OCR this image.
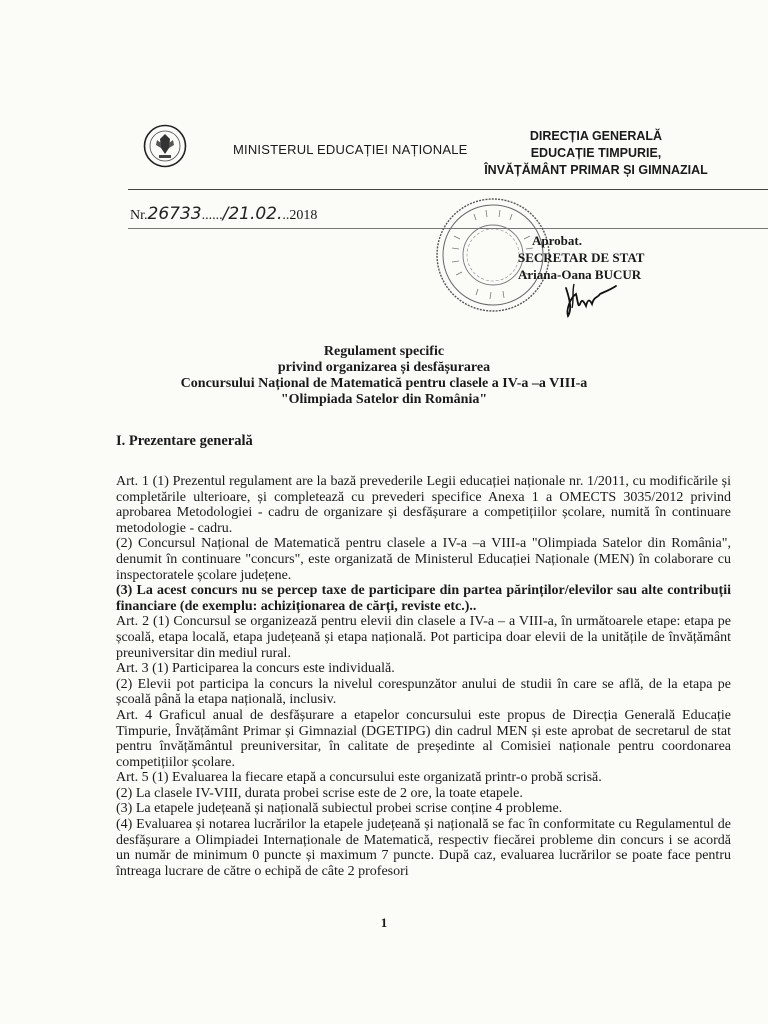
MINISTERUL EDUCAȚIEI NAȚIONALE
DIRECȚIA GENERALĂ
EDUCAȚIE TIMPURIE,
ÎNVĂȚĂMÂNT PRIMAR ȘI GIMNAZIAL
Nr.26733....../21.02...2018
Aprobat.
SECRETAR DE STAT
Ariana-Oana BUCUR
Regulament specific
privind organizarea și desfășurarea
Concursului Național de Matematică pentru clasele a IV-a –a VIII-a
"Olimpiada Satelor din România"
I. Prezentare generală

Art. 1 (1) Prezentul regulament are la bază prevederile Legii educației naționale nr. 1/2011, cu modificările și completările ulterioare, și completează cu prevederi specifice Anexa 1 a OMECTS 3035/2012 privind aprobarea Metodologiei - cadru de organizare și desfășurare a competițiilor școlare, numită în continuare metodologie - cadru.

(2) Concursul Național de Matematică pentru clasele a IV-a –a VIII-a "Olimpiada Satelor din România", denumit în continuare "concurs", este organizată de Ministerul Educației Naționale (MEN) în colaborare cu inspectoratele școlare județene.

(3) La acest concurs nu se percep taxe de participare din partea părinților/elevilor sau alte contribuții financiare (de exemplu: achiziționarea de cărți, reviste etc.)..

Art. 2 (1) Concursul se organizează pentru elevii din clasele a IV-a – a VIII-a, în următoarele etape: etapa pe școală, etapa locală, etapa județeană și etapa națională. Pot participa doar elevii de la unitățile de învățământ preuniversitar din mediul rural.

Art. 3 (1) Participarea la concurs este individuală.

(2) Elevii pot participa la concurs la nivelul corespunzător anului de studii în care se află, de la etapa pe școală până la etapa națională, inclusiv.

Art. 4 Graficul anual de desfășurare a etapelor concursului este propus de Direcția Generală Educație Timpurie, Învățământ Primar și Gimnazial (DGETIPG) din cadrul MEN și este aprobat de secretarul de stat pentru învățământul preuniversitar, în calitate de președinte al Comisiei naționale pentru coordonarea competițiilor școlare.

Art. 5 (1) Evaluarea la fiecare etapă a concursului este organizată printr-o probă scrisă.

(2) La clasele IV-VIII, durata probei scrise este de 2 ore, la toate etapele.

(3) La etapele județeană și națională subiectul probei scrise conține 4 probleme.

(4) Evaluarea și notarea lucrărilor la etapele județeană și națională se fac în conformitate cu Regulamentul de desfășurare a Olimpiadei Internaționale de Matematică, respectiv fiecărei probleme din concurs i se acordă un număr de minimum 0 puncte și maximum 7 puncte. După caz, evaluarea lucrărilor se poate face pentru întreaga lucrare de către o echipă de câte 2 profesori

1
